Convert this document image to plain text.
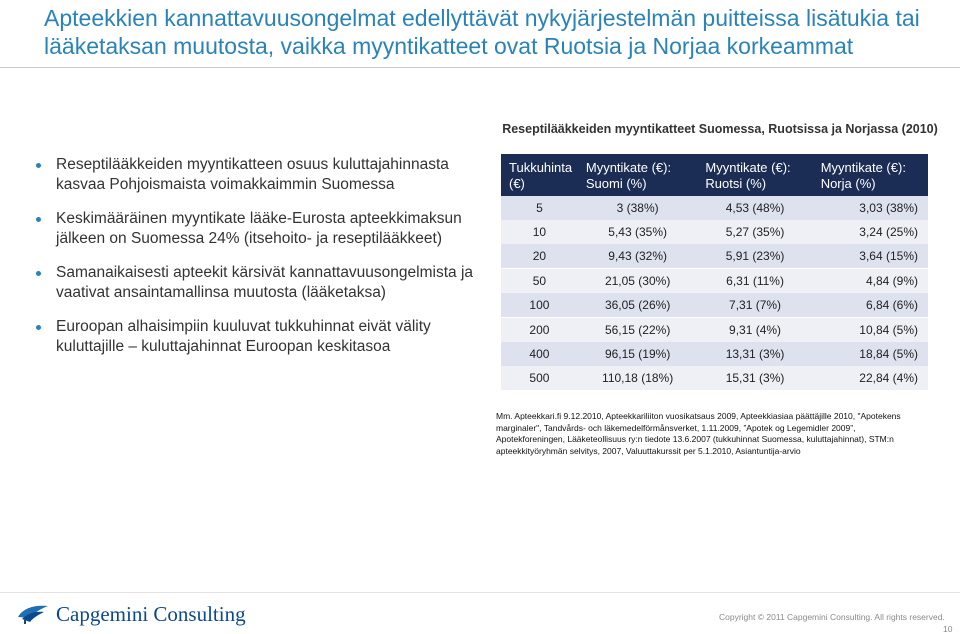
Apteekkien kannattavuusongelmat edellyttävät nykyjärjestelmän puitteissa lisätukia tai
lääketaksan muutosta, vaikka myyntikatteet ovat Ruotsia ja Norjaa korkeammat
Reseptilääkkeiden myyntikatteen osuus kuluttajahinnasta kasvaa Pohjoismaista voimakkaimmin Suomessa
Keskimääräinen myyntikate lääke-Eurosta apteekkimaksun jälkeen on Suomessa 24% (itsehoito- ja reseptilääkkeet)
Samanaikaisesti apteekit kärsivät kannattavuusongelmista ja vaativat ansaintamallinsa muutosta (lääketaksa)
Euroopan alhaisimpiin kuuluvat tukkuhinnat eivät välity kuluttajille – kuluttajahinnat Euroopan keskitasoa
Reseptilääkkeiden myyntikatteet Suomessa, Ruotsissa ja Norjassa (2010)
Tukkuhinta (€)	Myyntikate (€): Suomi (%)	Myyntikate (€): Ruotsi (%)	Myyntikate (€): Norja (%)
5	3 (38%)	4,53 (48%)	3,03 (38%)
10	5,43 (35%)	5,27 (35%)	3,24 (25%)
20	9,43 (32%)	5,91 (23%)	3,64 (15%)
50	21,05 (30%)	6,31 (11%)	4,84 (9%)
100	36,05 (26%)	7,31 (7%)	6,84 (6%)
200	56,15 (22%)	9,31 (4%)	10,84 (5%)
400	96,15 (19%)	13,31 (3%)	18,84 (5%)
500	110,18 (18%)	15,31 (3%)	22,84 (4%)
Mm. Apteekkari.fi 9.12.2010, Apteekkariliiton vuosikatsaus 2009, Apteekkiasiaa päättäjille 2010, "Apotekens
marginaler", Tandvårds- och läkemedelförmånsverket, 1.11.2009, ”Apotek og Legemidler 2009”,
Apotekforeningen, Lääketeollisuus ry:n tiedote 13.6.2007 (tukkuhinnat Suomessa, kuluttajahinnat), STM:n
apteekkityöryhmän selvitys, 2007, Valuuttakurssit per 5.1.2010, Asiantuntija-arvio
Capgemini Consulting	Copyright © 2011 Capgemini Consulting. All rights reserved.
10
